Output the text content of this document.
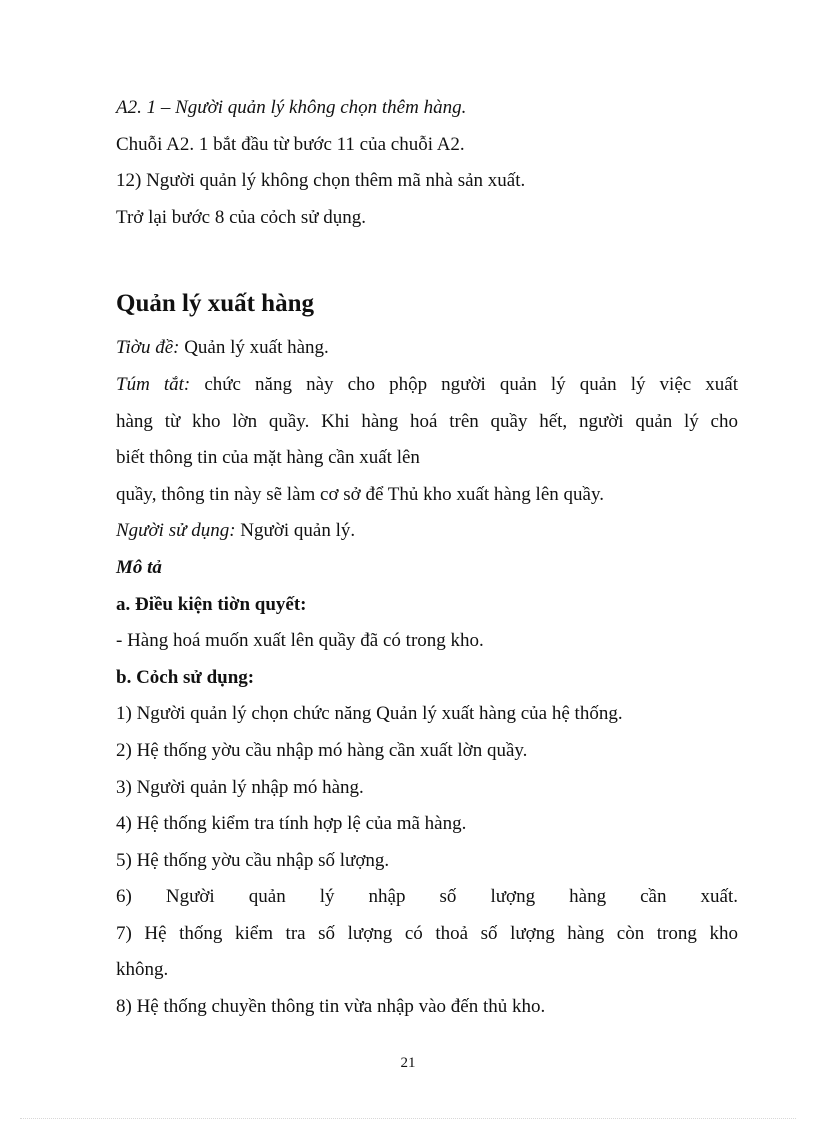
A2. 1 – Người quản lý không chọn thêm hàng.
Chuỗi A2. 1 bắt đầu từ bước 11 của chuỗi A2.
12) Người quản lý không chọn thêm mã nhà sản xuất.
Trở lại bước 8 của cỏch sử dụng.
Quản lý xuất hàng
Tiờu đề: Quản lý xuất hàng.
Túm tắt: chức năng này cho phộp người quản lý quản lý việc xuất
hàng từ kho lờn quầy. Khi hàng hoá trên quầy hết, người quản lý cho
biết thông tin của mặt hàng cần xuất lên
quầy, thông tin này sẽ làm cơ sở để Thủ kho xuất hàng lên quầy.
Người sử dụng: Người quản lý.
Mô tả
a. Điều kiện tiờn quyết:
- Hàng hoá muốn xuất lên quầy đã có trong kho.
b. Cỏch sử dụng:
1) Người quản lý chọn chức năng Quản lý xuất hàng của hệ thống.
2) Hệ thống yờu cầu nhập mó hàng cần xuất lờn quầy.
3) Người quản lý nhập mó hàng.
4) Hệ thống kiểm tra tính hợp lệ của mã hàng.
5) Hệ thống yờu cầu nhập số lượng.
6) Người quản lý nhập số lượng hàng cần xuất.
7) Hệ thống kiểm tra số lượng có thoả số lượng hàng còn trong kho
không.
8) Hệ thống chuyền thông tin vừa nhập vào đến thủ kho.
21
